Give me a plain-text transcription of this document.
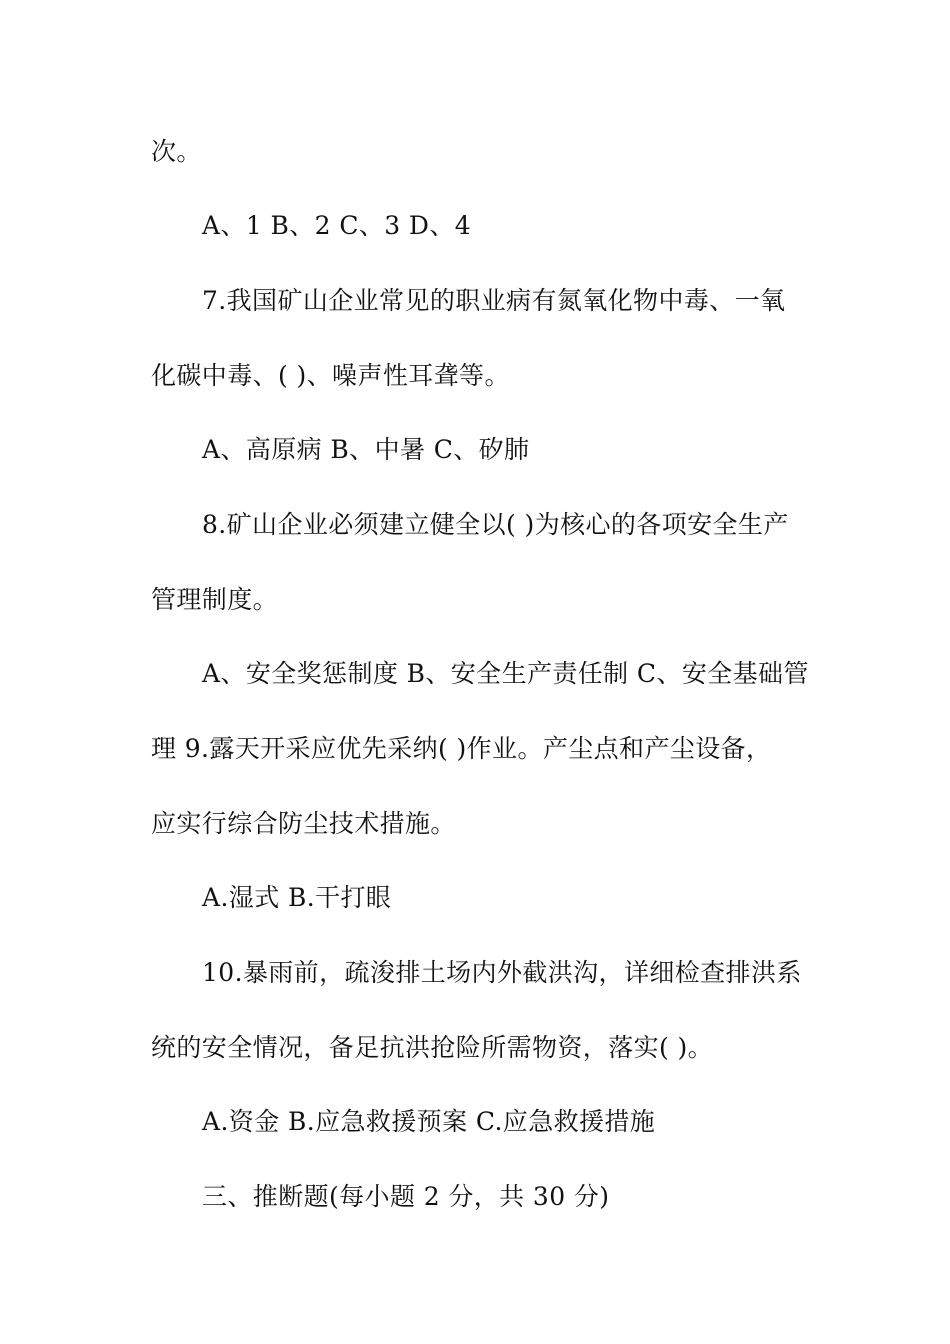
次。
A、1 B、2 C、3 D、4
7.我国矿山企业常见的职业病有氮氧化物中毒、一氧
化碳中毒、( )、噪声性耳聋等。
A、高原病 B、中暑 C、矽肺
8.矿山企业必须建立健全以( )为核心的各项安全生产
管理制度。
A、安全奖惩制度 B、安全生产责任制 C、安全基础管
理 9.露天开采应优先采纳( )作业。产尘点和产尘设备，
应实行综合防尘技术措施。
A.湿式 B.干打眼
10.暴雨前，疏浚排土场内外截洪沟，详细检查排洪系
统的安全情况，备足抗洪抢险所需物资，落实( )。
A.资金 B.应急救援预案 C.应急救援措施
三、推断题(每小题 2 分，共 30 分)
